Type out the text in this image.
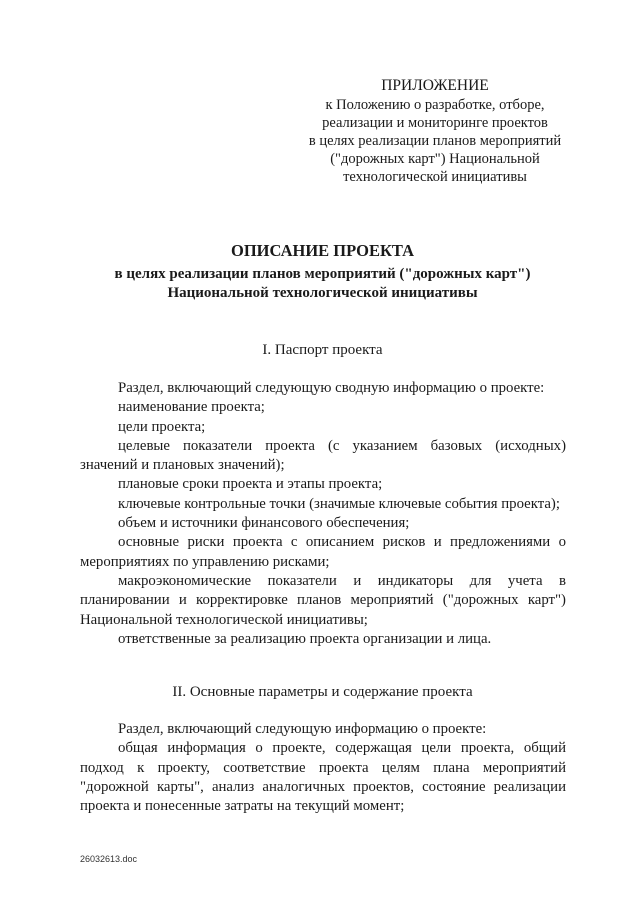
ПРИЛОЖЕНИЕ
к Положению о разработке, отборе,
реализации и мониторинге проектов
в целях реализации планов мероприятий
("дорожных карт") Национальной
технологической инициативы
ОПИСАНИЕ ПРОЕКТА
в целях реализации планов мероприятий ("дорожных карт")
Национальной технологической инициативы
I. Паспорт проекта

Раздел, включающий следующую сводную информацию о проекте:

наименование проекта;

цели проекта;

целевые показатели проекта (с указанием базовых (исходных) значений и плановых значений);

плановые сроки проекта и этапы проекта;

ключевые контрольные точки (значимые ключевые события проекта);

объем и источники финансового обеспечения;

основные риски проекта с описанием рисков и предложениями о мероприятиях по управлению рисками;

макроэкономические показатели и индикаторы для учета в планировании и корректировке планов мероприятий ("дорожных карт") Национальной технологической инициативы;

ответственные за реализацию проекта организации и лица.

II. Основные параметры и содержание проекта

Раздел, включающий следующую информацию о проекте:

общая информация о проекте, содержащая цели проекта, общий подход к проекту, соответствие проекта целям плана мероприятий "дорожной карты", анализ аналогичных проектов, состояние реализации проекта и понесенные затраты на текущий момент;

26032613.doc
